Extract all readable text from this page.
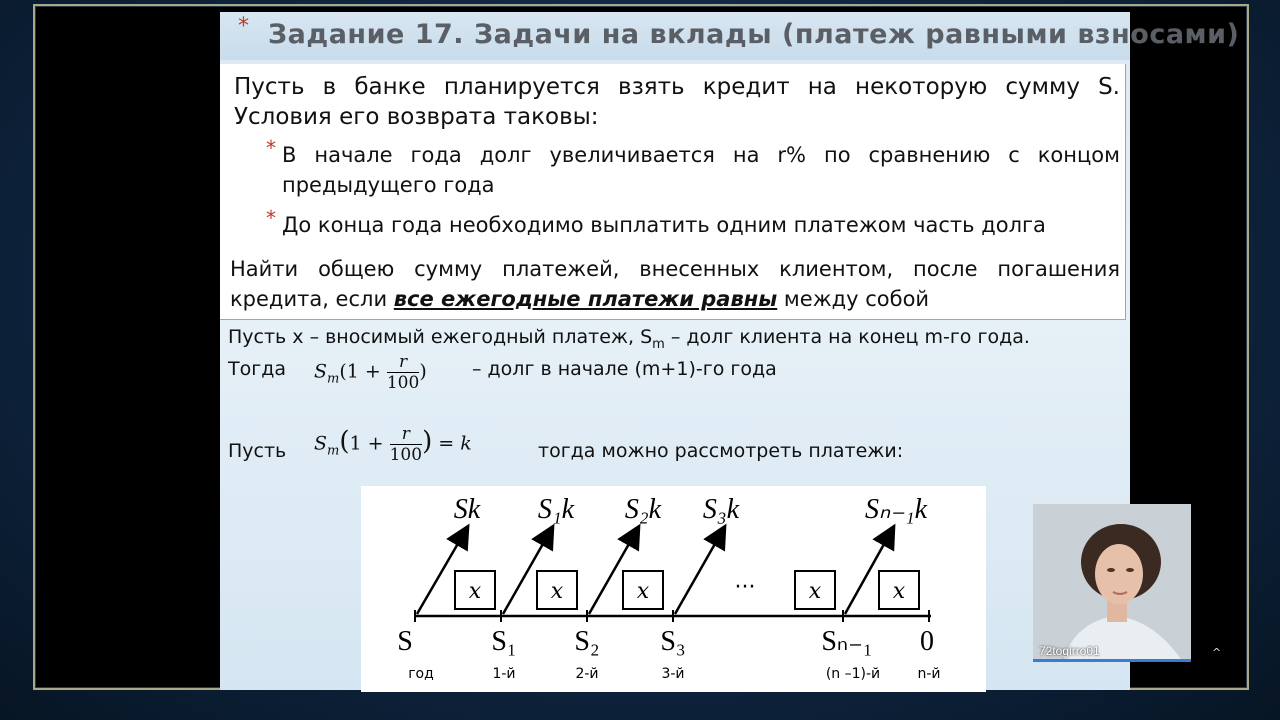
* Задание 17. Задачи на вклады (платеж равными взносами)
Пусть в банке планируется взять кредит на некоторую сумму S. Условия его возврата таковы:
* В начале года долг увеличивается на r% по сравнению с концом предыдущего года
* До конца года необходимо выплатить одним платежом часть долга
Найти общею сумму платежей, внесенных клиентом, после погашения кредита, если все ежегодные платежи равны между собой
Пусть x – вносимый ежегодный платеж, $S_m$ – долг клиента на конец m-го года.
Тогда $S_m(1 + \frac{r}{100}$ ) – долг в начале (m+1)-го года
Пусть $S_m(1 + \frac{r}{100}$ ) = k	тогда можно рассмотреть платежи:
x	x	x	x	x
Sk S₁k S₂k S₃k	Sₙ₋₁k
S	S₁ S₂ S₃	Sₙ₋₁ 0
год	1-й	2-й	3-й	(n –1)-й	n-й
···
72togirro01	^
